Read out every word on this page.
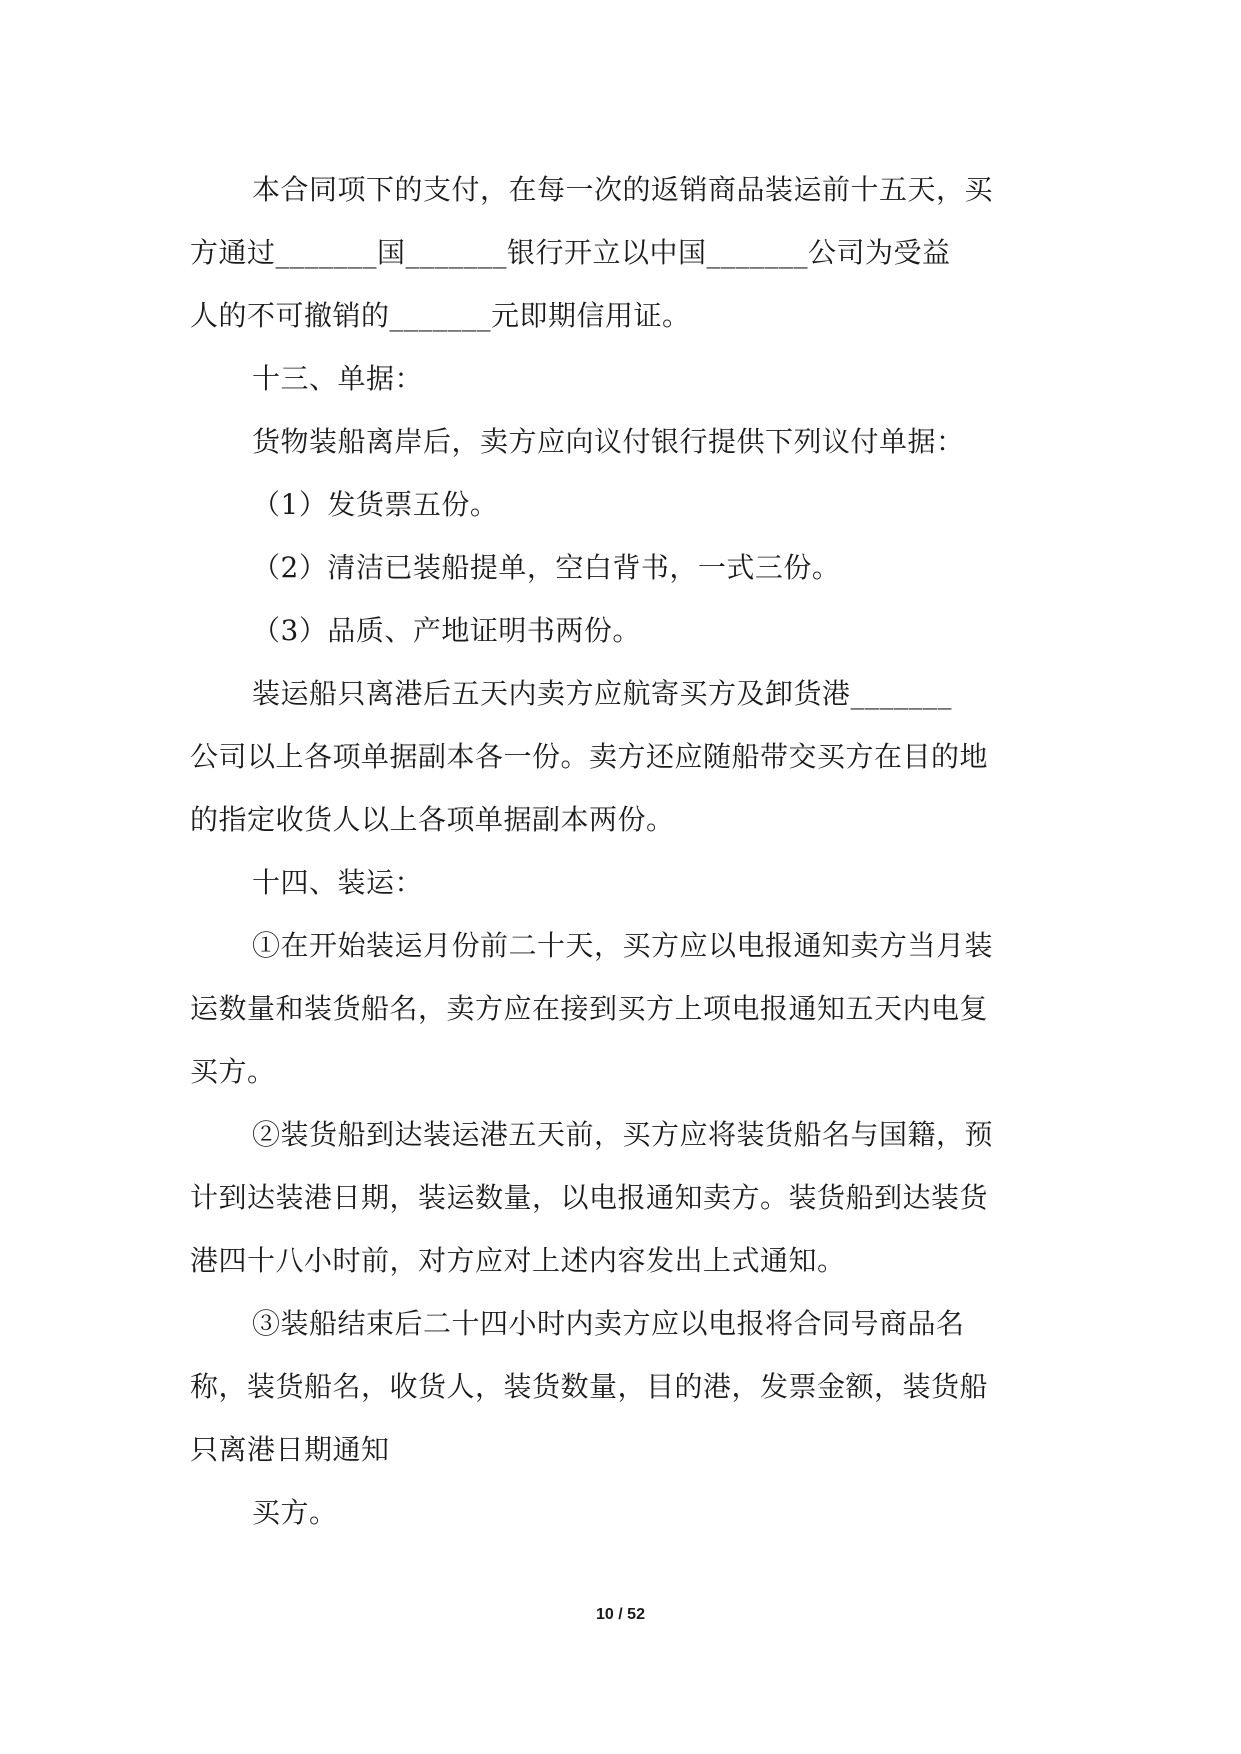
本合同项下的支付，在每一次的返销商品装运前十五天，买
方通过_______国_______银行开立以中国_______公司为受益
人的不可撤销的_______元即期信用证。

十三、单据：

货物装船离岸后，卖方应向议付银行提供下列议付单据：

（1）发货票五份。

（2）清洁已装船提单，空白背书，一式三份。

（3）品质、产地证明书两份。

装运船只离港后五天内卖方应航寄买方及卸货港_______
公司以上各项单据副本各一份。卖方还应随船带交买方在目的地
的指定收货人以上各项单据副本两份。

十四、装运：

①在开始装运月份前二十天，买方应以电报通知卖方当月装
运数量和装货船名，卖方应在接到买方上项电报通知五天内电复
买方。

②装货船到达装运港五天前，买方应将装货船名与国籍，预
计到达装港日期，装运数量，以电报通知卖方。装货船到达装货
港四十八小时前，对方应对上述内容发出上式通知。

③装船结束后二十四小时内卖方应以电报将合同号商品名
称，装货船名，收货人，装货数量，目的港，发票金额，装货船
只离港日期通知

买方。

10 / 52
